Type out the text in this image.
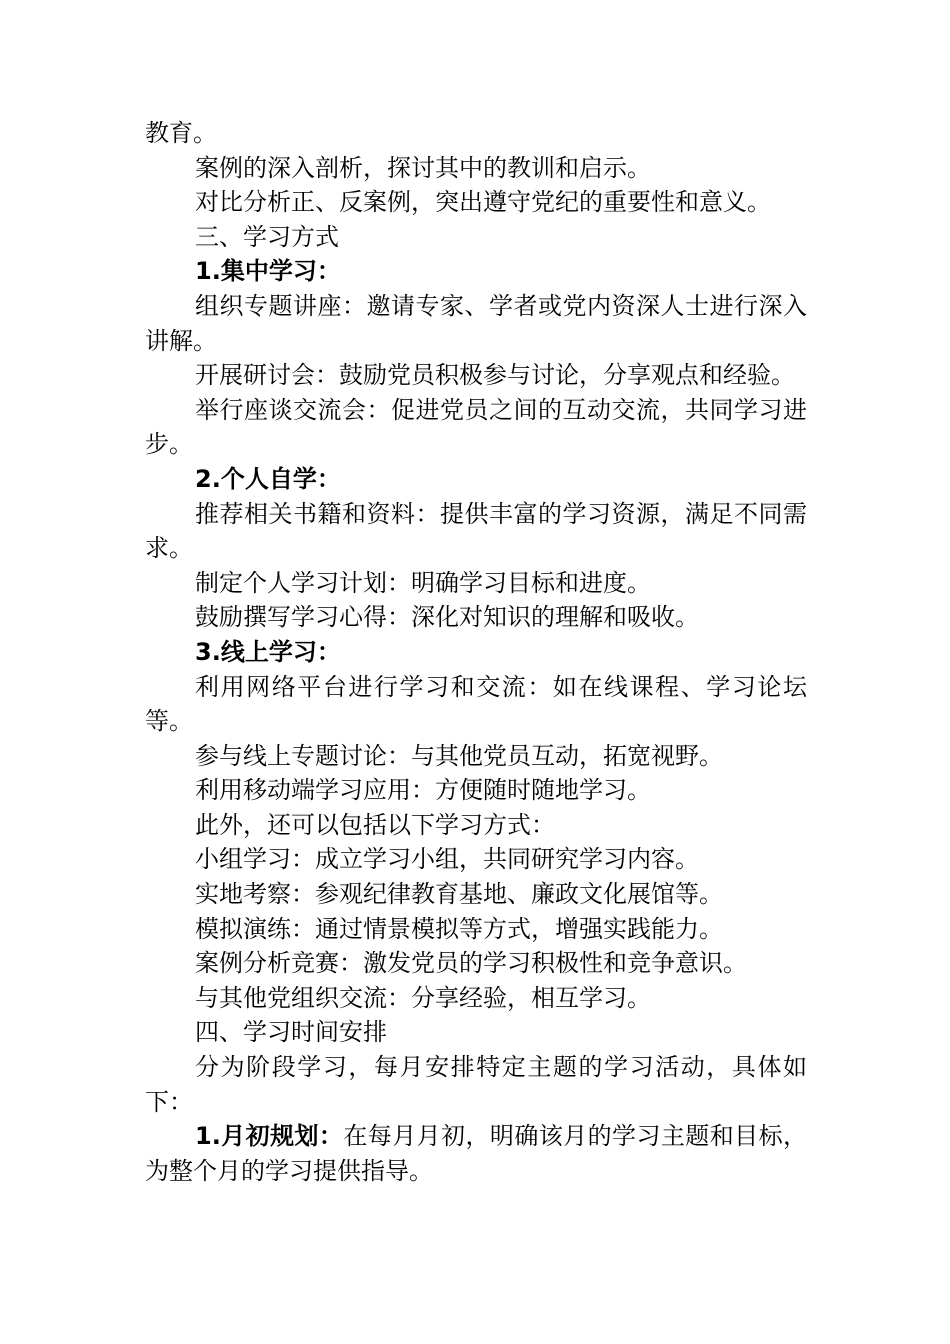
教育。

案例的深入剖析，探讨其中的教训和启示。

对比分析正、反案例，突出遵守党纪的重要性和意义。

三、学习方式

1.集中学习：

组织专题讲座：邀请专家、学者或党内资深人士进行深入讲解。

开展研讨会：鼓励党员积极参与讨论，分享观点和经验。

举行座谈交流会：促进党员之间的互动交流，共同学习进步。

2.个人自学：

推荐相关书籍和资料：提供丰富的学习资源，满足不同需求。

制定个人学习计划：明确学习目标和进度。

鼓励撰写学习心得：深化对知识的理解和吸收。

3.线上学习：

利用网络平台进行学习和交流：如在线课程、学习论坛等。

参与线上专题讨论：与其他党员互动，拓宽视野。

利用移动端学习应用：方便随时随地学习。

此外，还可以包括以下学习方式：

小组学习：成立学习小组，共同研究学习内容。

实地考察：参观纪律教育基地、廉政文化展馆等。

模拟演练：通过情景模拟等方式，增强实践能力。

案例分析竞赛：激发党员的学习积极性和竞争意识。

与其他党组织交流：分享经验，相互学习。

四、学习时间安排

分为阶段学习，每月安排特定主题的学习活动，具体如下：

1.月初规划：在每月月初，明确该月的学习主题和目标，为整个月的学习提供指导。
